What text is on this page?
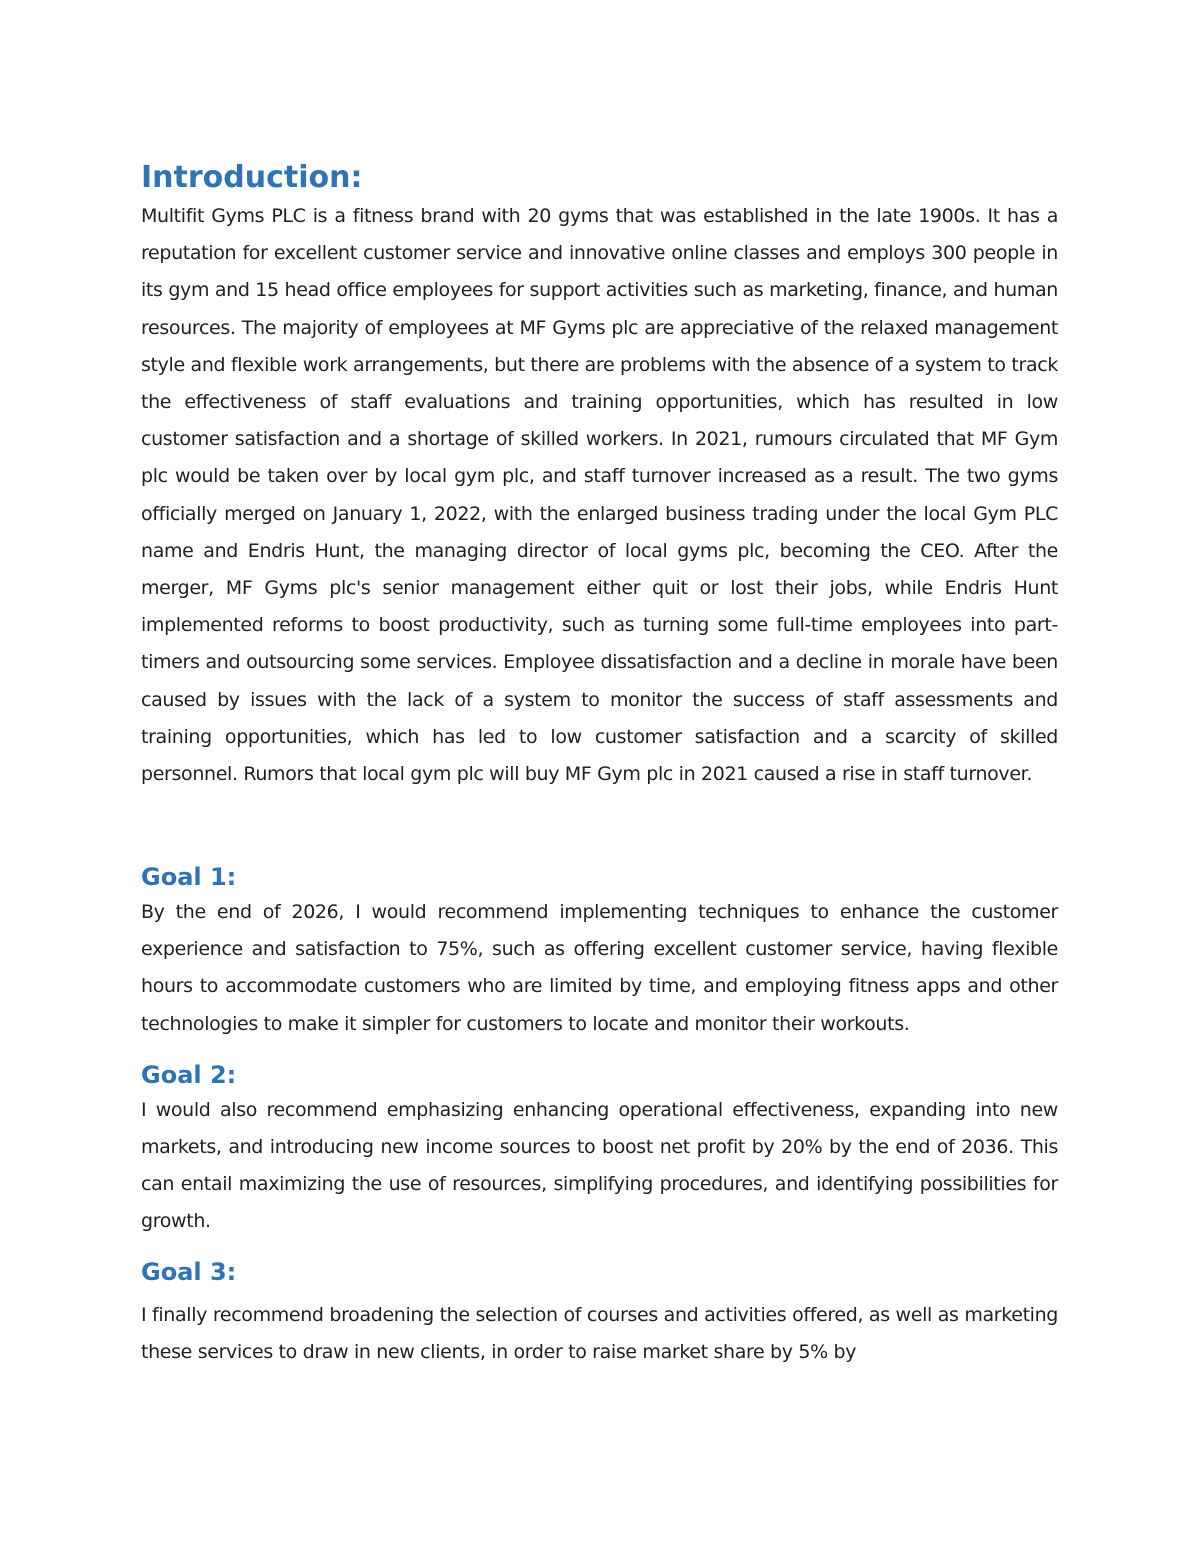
Introduction:

Multifit Gyms PLC is a fitness brand with 20 gyms that was established in the late 1900s. It has a reputation for excellent customer service and innovative online classes and employs 300 people in its gym and 15 head office employees for support activities such as marketing, finance, and human resources. The majority of employees at MF Gyms plc are appreciative of the relaxed management style and flexible work arrangements, but there are problems with the absence of a system to track the effectiveness of staff evaluations and training opportunities, which has resulted in low customer satisfaction and a shortage of skilled workers. In 2021, rumours circulated that MF Gym plc would be taken over by local gym plc, and staff turnover increased as a result. The two gyms officially merged on January 1, 2022, with the enlarged business trading under the local Gym PLC name and Endris Hunt, the managing director of local gyms plc, becoming the CEO. After the merger, MF Gyms plc's senior management either quit or lost their jobs, while Endris Hunt implemented reforms to boost productivity, such as turning some full-time employees into part-timers and outsourcing some services. Employee dissatisfaction and a decline in morale have been caused by issues with the lack of a system to monitor the success of staff assessments and training opportunities, which has led to low customer satisfaction and a scarcity of skilled personnel. Rumors that local gym plc will buy MF Gym plc in 2021 caused a rise in staff turnover.

Goal 1:

By the end of 2026, I would recommend implementing techniques to enhance the customer experience and satisfaction to 75%, such as offering excellent customer service, having flexible hours to accommodate customers who are limited by time, and employing fitness apps and other technologies to make it simpler for customers to locate and monitor their workouts.

Goal 2:

I would also recommend emphasizing enhancing operational effectiveness, expanding into new markets, and introducing new income sources to boost net profit by 20% by the end of 2036. This can entail maximizing the use of resources, simplifying procedures, and identifying possibilities for growth.

Goal 3:

I finally recommend broadening the selection of courses and activities offered, as well as marketing these services to draw in new clients, in order to raise market share by 5% by
